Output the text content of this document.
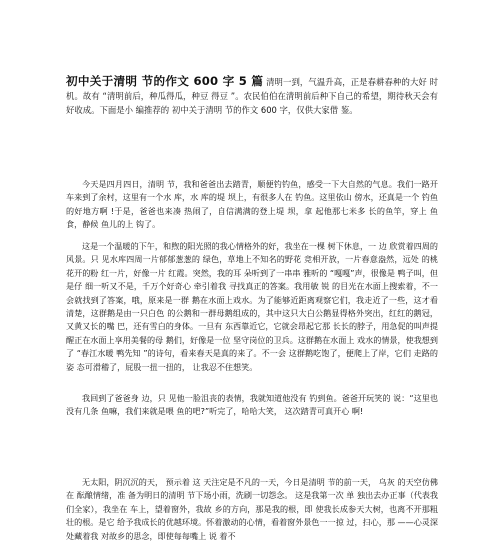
初中关于清明 节的作文 600 字 5 篇 清明一到，气温升高，正是春耕春种的大好 时机。故有 “清明前后，种瓜得瓜，种豆 得豆 ”。农民伯伯在清明前后种下自己的希望，期待秋天会有好收成。下面是小 编推荐的 初中关于清明 节的作文 600 字，仅供大家借 鉴。

今天是四月四日，清明 节，我和爸爸出去踏青，顺便钓钓鱼，感受一下大自然的气息。我们一路开 车来到了余村，这里有一个水 库，水 库的堤 坝上，有很多人在 钓鱼。这里依山 傍水，还真是一个 钓鱼的好地方啊 !于是，爸爸也来凑 热闹了，自信满满的登上堤 坝，拿 起他那七米多 长的鱼竿，穿上 鱼食，静候 鱼儿的上 钩了。

这是一个温暖的下午，和煦的阳光照的我心情格外的好，我坐在一棵 树下休息，一 边 欣赏着四周的 风景。只 见水库四周一片郁郁葱葱的 绿色，草地上不知名的野花 竞相开放，一片春意盎然，远处 的桃花开的粉 红一片，好像一片 红霞。突然，我的耳 朵听到了一串串 雅听的 “嘎嘎”声，很像是 鸭子叫，但是仔 细一听又不是，千万个好奇心 牵引着我 寻找真正的答案。我用敏 锐 的目光在水面上搜索着，不一会就找到了答案，哦，原来是一群 鹅在水面上戏水。为了能够近距离观察它们，我走近了一些，这才看清楚，这群鹅是由一只白色 的公鹅和一群母鹅组成的，其中这只大白公鹅显得格外突出，红红的鹅冠，又黄又长的嘴 巴，还有雪白的身体。一旦有 东西靠近它，它就会昂起它那 长长的脖子，用急促的叫声提 醒正在水面上享用美餐的母 鹅们，好像是一位 坚守岗位的卫兵。这群鹅在水面上 戏水的情景，使我想到了 “春江水暖 鸭先知 ”的诗句，看来春天是真的来了。不一会 这群鹅吃饱了，便爬上了岸，它们 走路的姿 态可滑稽了，屁股一扭一扭的， 让我忍不住想笑。

我回到了爸爸身 边，只 见他一脸沮丧的表情，我就知道他没有 钓到鱼。爸爸开玩笑的 说：“这里也没有几条 鱼嘛，我们来就是喂 鱼的吧?”听完了，哈哈大笑， 这次踏青可真开心 啊!

无太阳，阴沉沉的天， 预示着 这 天注定是不凡的一天，今日是清明 节的前一天， 乌灰 的天空仿佛在 酝酿情绪，准 备为明日的清明 节下场小雨，洗刷一切怨念。 这是我第一次 单 独出去办正事（代表我 们全家），我坐在 车上，望着窗外，我故 乡的方向，那是我的根，即 使我长成参天大树，也离不开那粗壮的根。是它 给予我成长的优越环境。怀着激动的心情，看着窗外景色一一掠 过，扫心，那 ——心灵深 处藏着我 对故乡的思念，即使每每嘴上 说 着不
